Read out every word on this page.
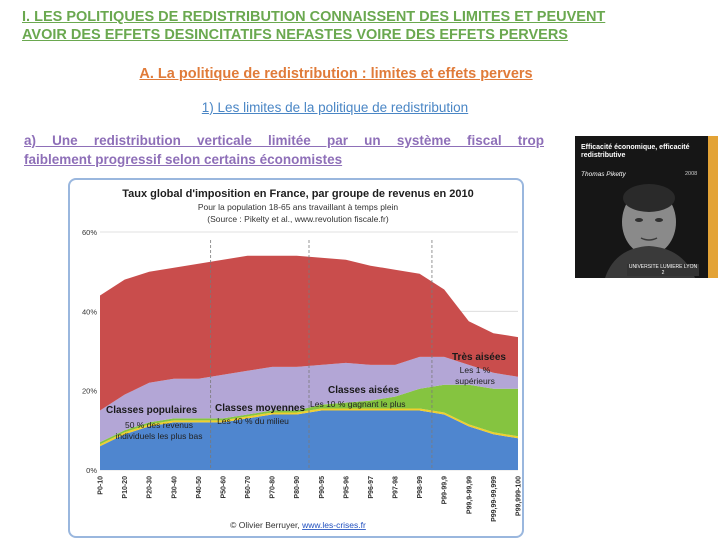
I. LES POLITIQUES DE REDISTRIBUTION CONNAISSENT DES LIMITES ET PEUVENT
AVOIR DES EFFETS DESINCITATIFS NEFASTES VOIRE DES EFFETS PERVERS
A. La politique de redistribution : limites et effets pervers
1) Les limites de la politique de redistribution
a) Une redistribution verticale limitée par un système fiscal trop
faiblement progressif selon certains économistes
Taux global d'imposition en France, par groupe de revenus en 2010
Pour la population 18-65 ans travaillant à temps plein
(Source : Pikelty et al., www.revolution fiscale.fr)
0%
20%
40%
60%
P0-10	P10-20	P20-30	P30-40	P40-50	P50-60	P60-70	P70-80	P80-90	P90-95	P95-96	P96-97	P97-98	P98-99	P99-99,9	P99,9-99,99	P99,99-99,999	P99,999-100
Classes populaires
50 % des revenus
individuels les plus bas
Classes moyennes
Les 40 % du milieu
Classes aisées
Les 10 % gagnant le plus
Très aisées
Les 1 %
supérieurs
© Olivier Berruyer, www.les-crises.fr
Efficacité économique, efficacité
redistributive
Thomas Piketty	2008
UNIVERSITE LUMIERE LYON 2
